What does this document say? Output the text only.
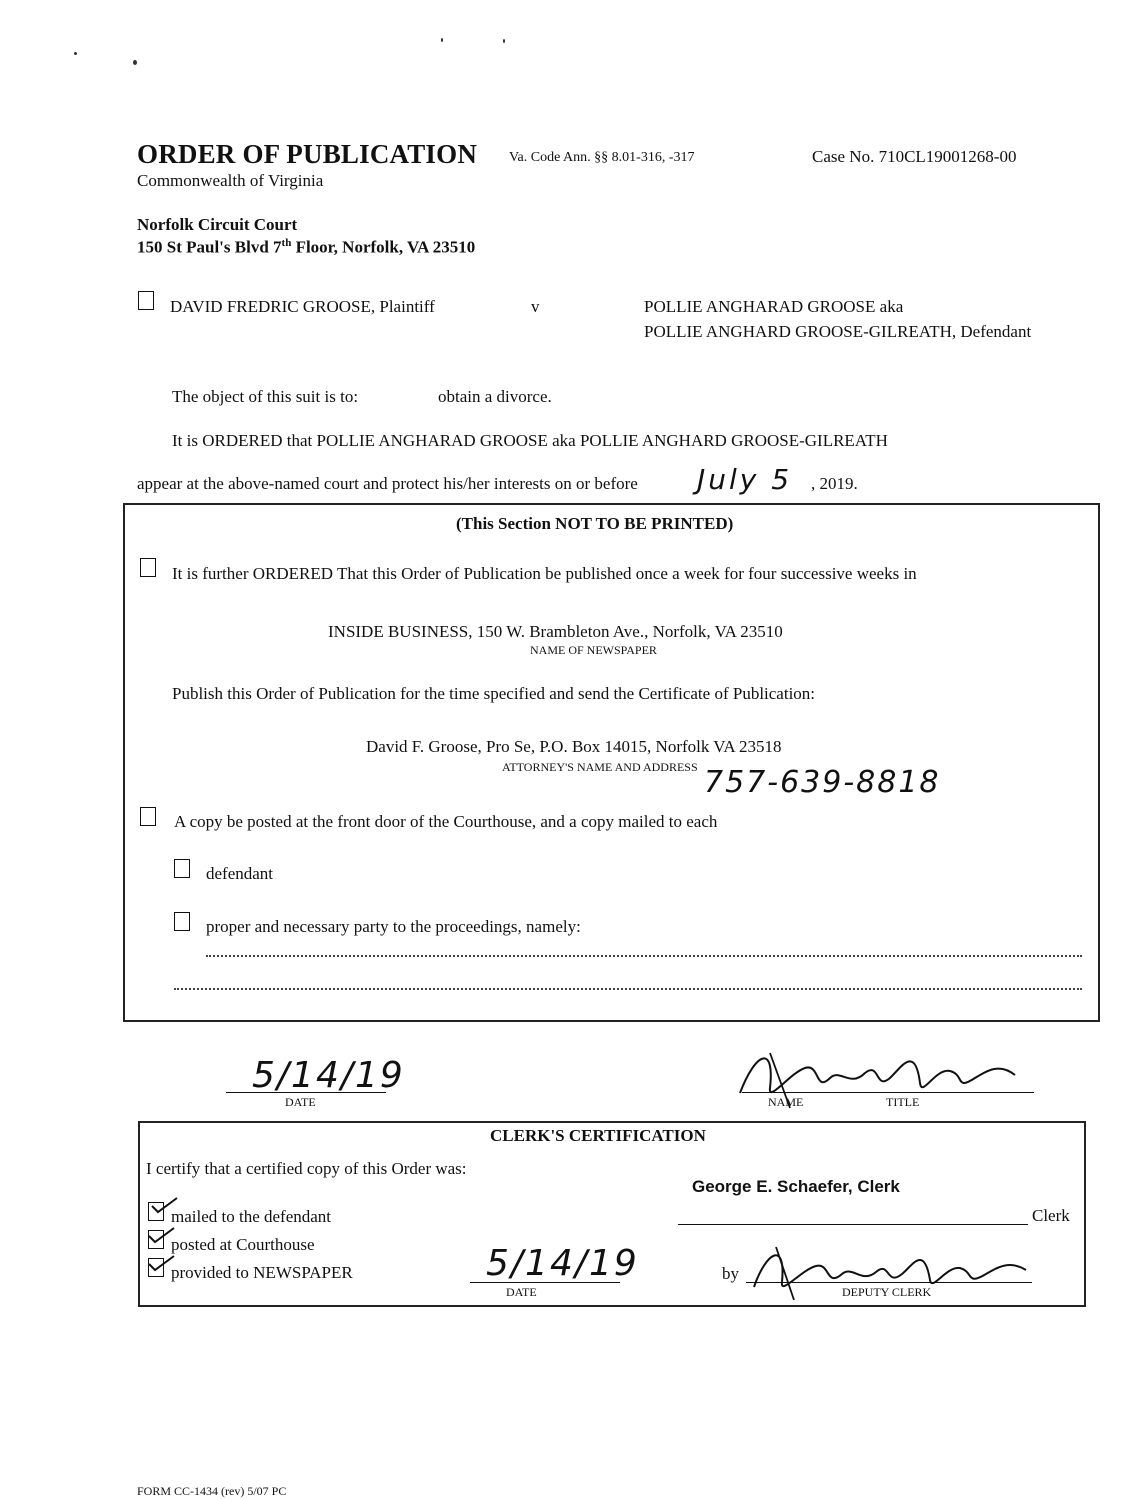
ORDER OF PUBLICATION Va. Code Ann. §§ 8.01-316, -317	Case No. 710CL19001268-00
Commonwealth of Virginia
Norfolk Circuit Court
150 St Paul's Blvd 7th Floor, Norfolk, VA 23510
DAVID FREDRIC GROOSE, Plaintiff	v	POLLIE ANGHARAD GROOSE aka
POLLIE ANGHARD GROOSE-GILREATH, Defendant
The object of this suit is to:	obtain a divorce.
It is ORDERED that POLLIE ANGHARAD GROOSE aka POLLIE ANGHARD GROOSE-GILREATH
appear at the above-named court and protect his/her interests on or before July 5 , 2019.
(This Section NOT TO BE PRINTED)
It is further ORDERED That this Order of Publication be published once a week for four successive weeks in
INSIDE BUSINESS, 150 W. Brambleton Ave., Norfolk, VA 23510
NAME OF NEWSPAPER
Publish this Order of Publication for the time specified and send the Certificate of Publication:
David F. Groose, Pro Se, P.O. Box 14015, Norfolk VA 23518
ATTORNEY'S NAME AND ADDRESS 757-639-8818
A copy be posted at the front door of the Courthouse, and a copy mailed to each
defendant
proper and necessary party to the proceedings, namely:
5/14/19
DATE	NAME	TITLE
CLERK'S CERTIFICATION
I certify that a certified copy of this Order was:
George E. Schaefer, Clerk
Clerk
mailed to the defendant
posted at Courthouse
provided to NEWSPAPER	5/14/19
DATE
by
DEPUTY CLERK
FORM CC-1434 (rev) 5/07 PC
